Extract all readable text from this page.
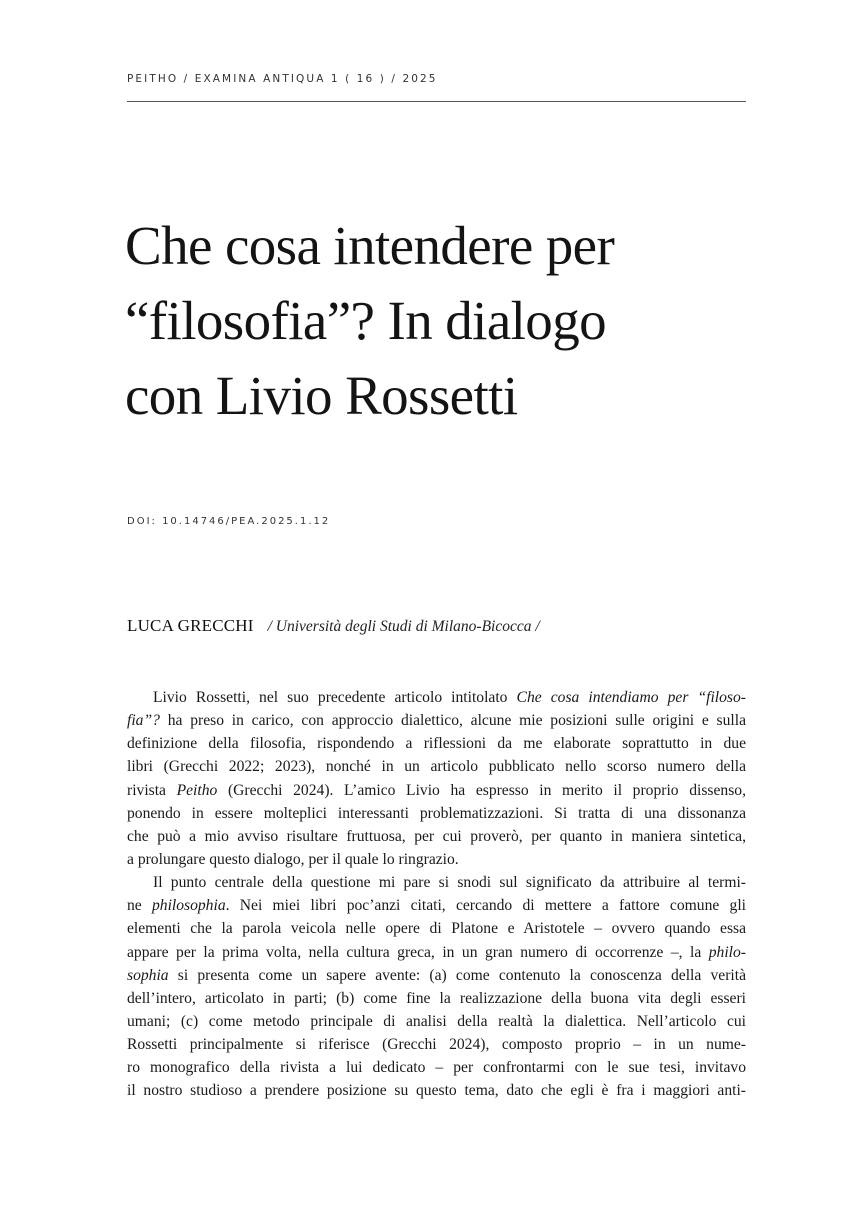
PEITHO / EXAMINA ANTIQUA 1 ( 16 ) / 2025
Che cosa intendere per
“filosofia”? In dialogo
con Livio Rossetti
DOI: 10.14746/PEA.2025.1.12
LUCA GRECCHI / Università degli Studi di Milano-Bicocca /
Livio Rossetti, nel suo precedente articolo intitolato Che cosa intendiamo per “filoso-
fia”? ha preso in carico, con approccio dialettico, alcune mie posizioni sulle origini e sulla
definizione della filosofia, rispondendo a riflessioni da me elaborate soprattutto in due
libri (Grecchi 2022; 2023), nonché in un articolo pubblicato nello scorso numero della
rivista Peitho (Grecchi 2024). L’amico Livio ha espresso in merito il proprio dissenso,
ponendo in essere molteplici interessanti problematizzazioni. Si tratta di una dissonanza
che può a mio avviso risultare fruttuosa, per cui proverò, per quanto in maniera sintetica,
a prolungare questo dialogo, per il quale lo ringrazio.
Il punto centrale della questione mi pare si snodi sul significato da attribuire al termi-
ne philosophia. Nei miei libri poc’anzi citati, cercando di mettere a fattore comune gli
elementi che la parola veicola nelle opere di Platone e Aristotele – ovvero quando essa
appare per la prima volta, nella cultura greca, in un gran numero di occorrenze –, la philo-
sophia si presenta come un sapere avente: (a) come contenuto la conoscenza della verità
dell’intero, articolato in parti; (b) come fine la realizzazione della buona vita degli esseri
umani; (c) come metodo principale di analisi della realtà la dialettica. Nell’articolo cui
Rossetti principalmente si riferisce (Grecchi 2024), composto proprio – in un nume-
ro monografico della rivista a lui dedicato – per confrontarmi con le sue tesi, invitavo
il nostro studioso a prendere posizione su questo tema, dato che egli è fra i maggiori anti-
